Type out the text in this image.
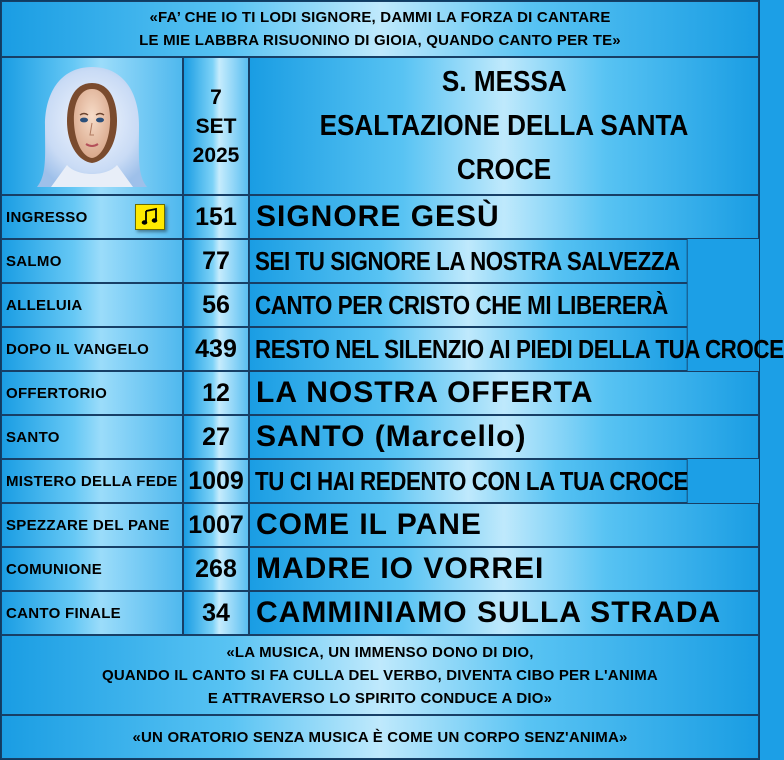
«FA’ CHE IO TI LODI SIGNORE, DAMMI LA FORZA DI CANTARE
LE MIE LABBRA RISUONINO DI GIOIA, QUANDO CANTO PER TE»
7
SET
2025
S. MESSA
ESALTAZIONE DELLA SANTA CROCE
INGRESSO	151 SIGNORE GESÙ
SALMO	77 SEI TU SIGNORE LA NOSTRA SALVEZZA
ALLELUIA	56 CANTO PER CRISTO CHE MI LIBERERÀ
DOPO IL VANGELO	439 RESTO NEL SILENZIO AI PIEDI DELLA TUA CROCE
OFFERTORIO	12 LA NOSTRA OFFERTA
SANTO	27 SANTO (Marcello)
MISTERO DELLA FEDE 1009 TU CI HAI REDENTO CON LA TUA CROCE
SPEZZARE DEL PANE 1007 COME IL PANE
COMUNIONE	268 MADRE IO VORREI
CANTO FINALE	34 CAMMINIAMO SULLA STRADA
«LA MUSICA, UN IMMENSO DONO DI DIO,
QUANDO IL CANTO SI FA CULLA DEL VERBO, DIVENTA CIBO PER L'ANIMA
E ATTRAVERSO LO SPIRITO CONDUCE A DIO»
«UN ORATORIO SENZA MUSICA È COME UN CORPO SENZ'ANIMA»
